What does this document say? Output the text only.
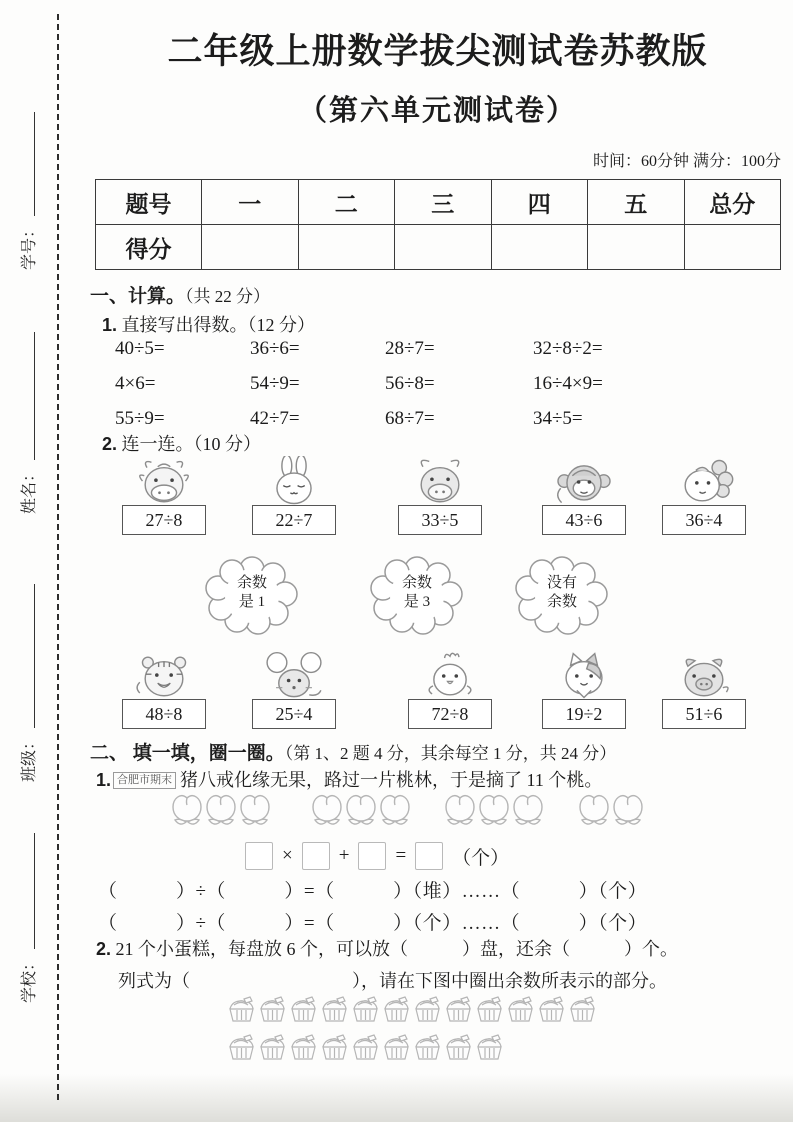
学号：
姓名：
班级：
学校：
二年级上册数学拔尖测试卷苏教版
（第六单元测试卷）
时间：60分钟 满分：100分
题号	一	二	三	四	五	总分
得分						
一、计算。（共 22 分）
1. 直接写出得数。（12 分）
40÷5=	36÷6=	28÷7=	32÷8÷2=
4×6=	54÷9=	56÷8=	16÷4×9=
55÷9=	42÷7=	68÷7=	34÷5=
2. 连一连。（10 分）
27÷8	22÷7	33÷5	43÷6	36÷4
余数
是 1
余数
是 3
没有
余数
48÷8	25÷4	72÷8	19÷2	51÷6
二、 填一填，圈一圈。（第 1、2 题 4 分，其余每空 1 分，共 24 分）
1. 合肥市期末 猪八戒化缘无果，路过一片桃林，于是摘了 11 个桃。
× + = （个）
（　　　）÷（　　　）=（　　　）（堆）……（　　　）（个）
（　　　）÷（　　　）=（　　　）（个）……（　　　）（个）
2. 21 个小蛋糕，每盘放 6 个，可以放（　　　）盘，还余（　　　）个。
列式为（　　　　　　　　　），请在下图中圈出余数所表示的部分。
